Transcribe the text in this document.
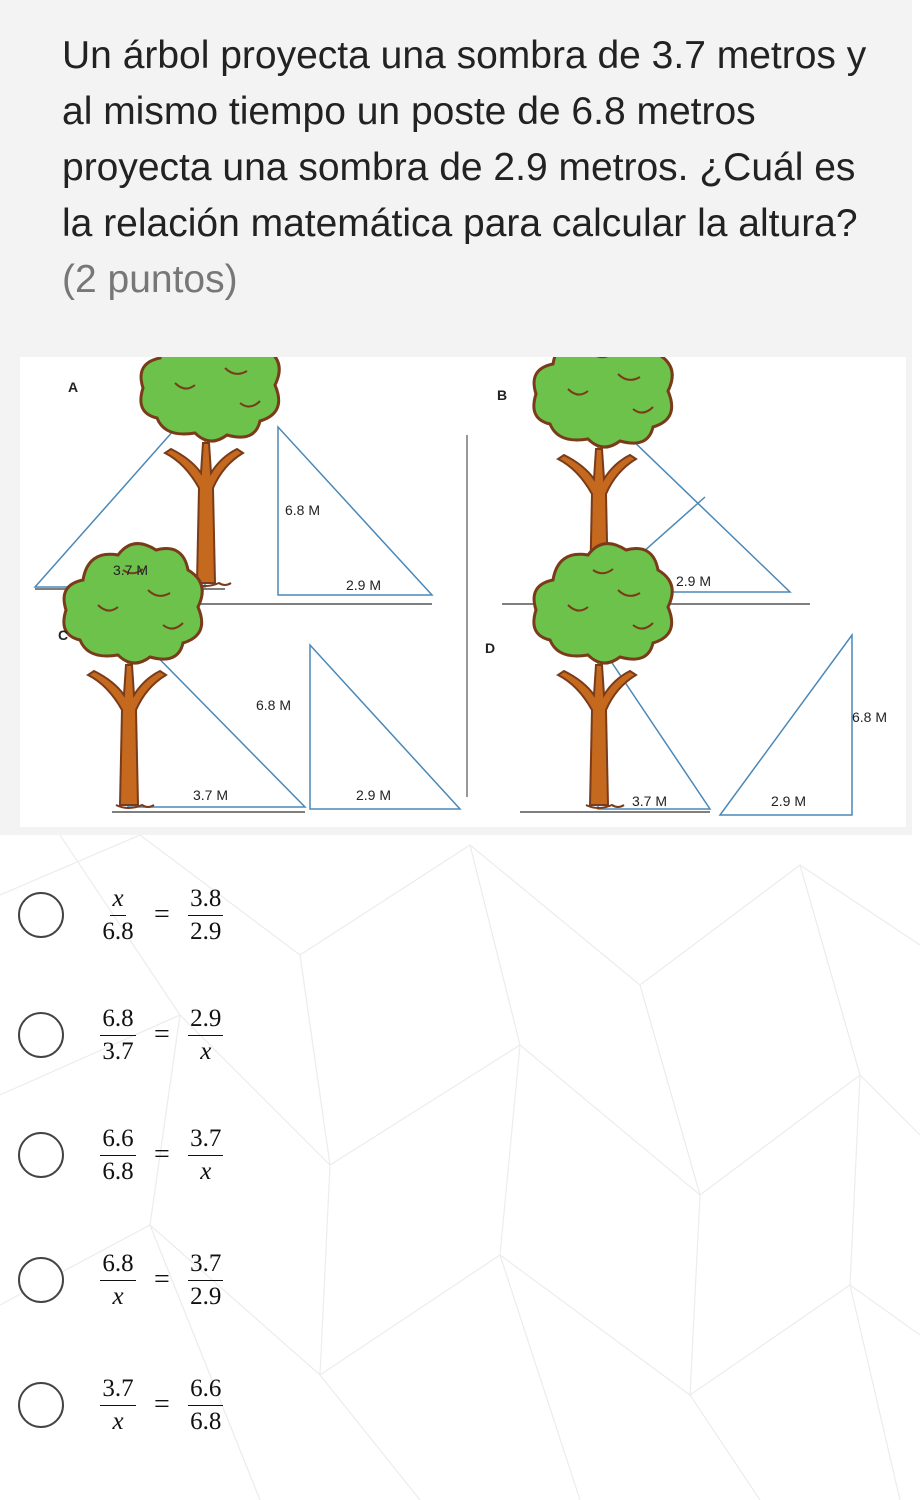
Un árbol proyecta una sombra de 3.7 metros y al mismo tiempo un poste de 6.8 metros proyecta una sombra de 2.9 metros. ¿Cuál es la relación matemática para calcular la altura? (2 puntos)
A
3.7 M
6.8 M
2.9 M
B
2.9 M
C
3.7 M
6.8 M
2.9 M
D
3.7 M	2.9 M
6.8 M
$\frac{x}{6.8} = \frac{3.8}{2.9}$
$\frac{6.8}{3.7} = \frac{2.9}{x}$
$\frac{6.6}{6.8} = \frac{3.7}{x}$
$\frac{6.8}{x} = \frac{3.7}{2.9}$
$\frac{3.7}{x} = \frac{6.6}{6.8}$
